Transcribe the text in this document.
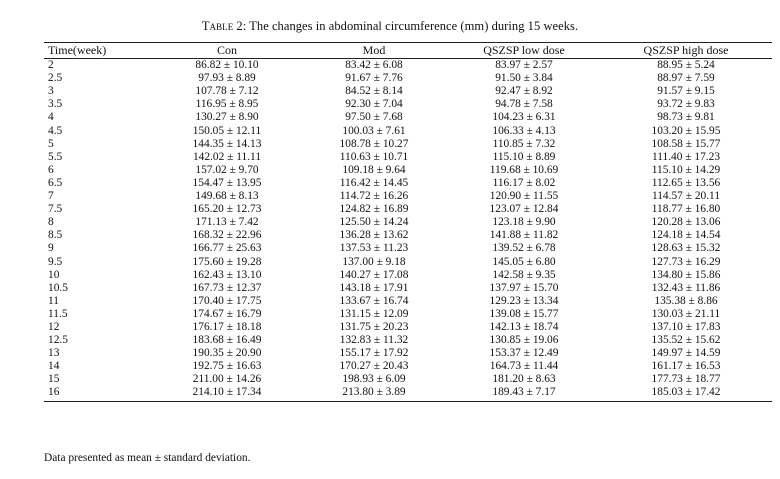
Table 2: The changes in abdominal circumference (mm) during 15 weeks.
Time(week)	Con	Mod	QSZSP low dose	QSZSP high dose
2	86.82 ± 10.10	83.42 ± 6.08	83.97 ± 2.57	88.95 ± 5.24
2.5	97.93 ± 8.89	91.67 ± 7.76	91.50 ± 3.84	88.97 ± 7.59
3	107.78 ± 7.12	84.52 ± 8.14	92.47 ± 8.92	91.57 ± 9.15
3.5	116.95 ± 8.95	92.30 ± 7.04	94.78 ± 7.58	93.72 ± 9.83
4	130.27 ± 8.90	97.50 ± 7.68	104.23 ± 6.31	98.73 ± 9.81
4.5	150.05 ± 12.11	100.03 ± 7.61	106.33 ± 4.13	103.20 ± 15.95
5	144.35 ± 14.13	108.78 ± 10.27	110.85 ± 7.32	108.58 ± 15.77
5.5	142.02 ± 11.11	110.63 ± 10.71	115.10 ± 8.89	111.40 ± 17.23
6	157.02 ± 9.70	109.18 ± 9.64	119.68 ± 10.69	115.10 ± 14.29
6.5	154.47 ± 13.95	116.42 ± 14.45	116.17 ± 8.02	112.65 ± 13.56
7	149.68 ± 8.13	114.72 ± 16.26	120.90 ± 11.55	114.57 ± 20.11
7.5	165.20 ± 12.73	124.82 ± 16.89	123.07 ± 12.84	118.77 ± 16.80
8	171.13 ± 7.42	125.50 ± 14.24	123.18 ± 9.90	120.28 ± 13.06
8.5	168.32 ± 22.96	136.28 ± 13.62	141.88 ± 11.82	124.18 ± 14.54
9	166.77 ± 25.63	137.53 ± 11.23	139.52 ± 6.78	128.63 ± 15.32
9.5	175.60 ± 19.28	137.00 ± 9.18	145.05 ± 6.80	127.73 ± 16.29
10	162.43 ± 13.10	140.27 ± 17.08	142.58 ± 9.35	134.80 ± 15.86
10.5	167.73 ± 12.37	143.18 ± 17.91	137.97 ± 15.70	132.43 ± 11.86
11	170.40 ± 17.75	133.67 ± 16.74	129.23 ± 13.34	135.38 ± 8.86
11.5	174.67 ± 16.79	131.15 ± 12.09	139.08 ± 15.77	130.03 ± 21.11
12	176.17 ± 18.18	131.75 ± 20.23	142.13 ± 18.74	137.10 ± 17.83
12.5	183.68 ± 16.49	132.83 ± 11.32	130.85 ± 19.06	135.52 ± 15.62
13	190.35 ± 20.90	155.17 ± 17.92	153.37 ± 12.49	149.97 ± 14.59
14	192.75 ± 16.63	170.27 ± 20.43	164.73 ± 11.44	161.17 ± 16.53
15	211.00 ± 14.26	198.93 ± 6.09	181.20 ± 8.63	177.73 ± 18.77
16	214.10 ± 17.34	213.80 ± 3.89	189.43 ± 7.17	185.03 ± 17.42
Data presented as mean ± standard deviation.
